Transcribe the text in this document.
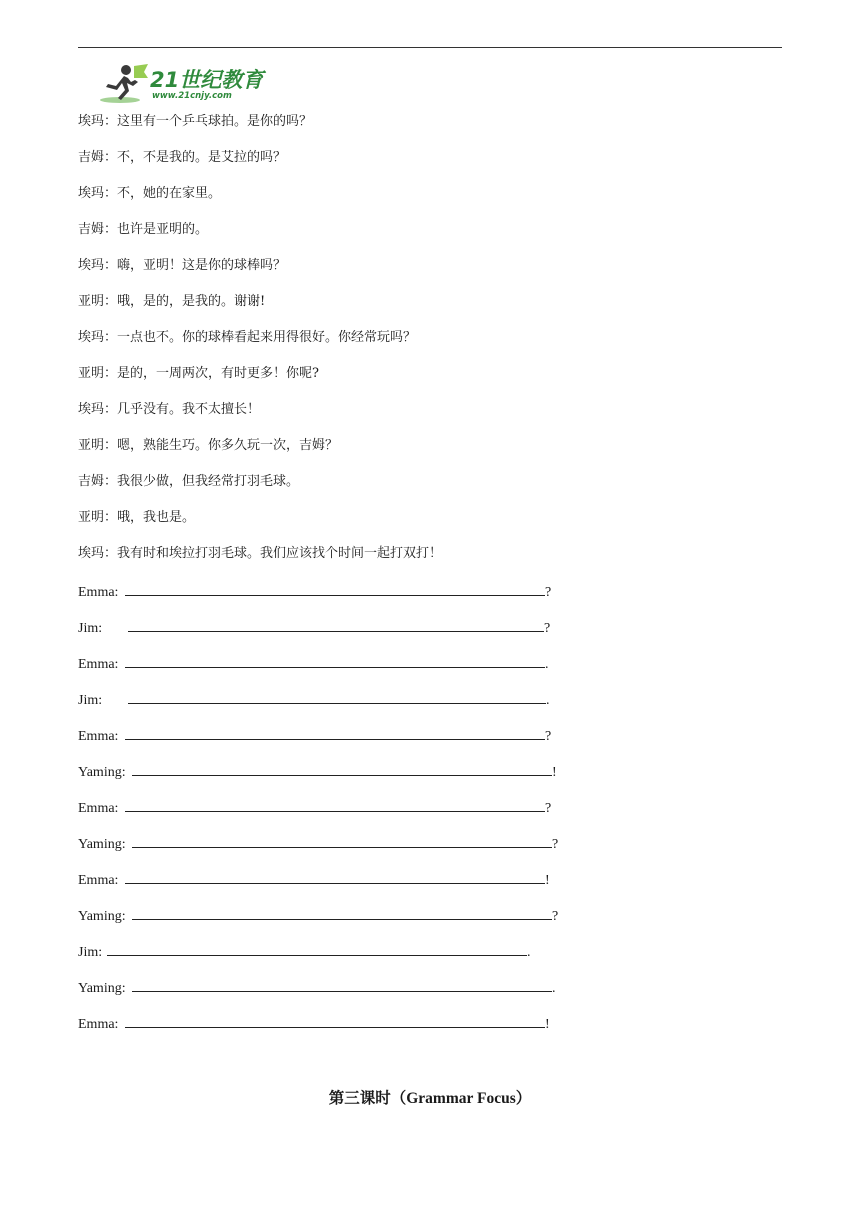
21世纪教育
www.21cnjy.com
埃玛：这里有一个乒乓球拍。是你的吗？
吉姆：不，不是我的。是艾拉的吗？
埃玛：不，她的在家里。
吉姆：也许是亚明的。
埃玛：嗨，亚明！这是你的球棒吗？
亚明：哦，是的，是我的。谢谢!
埃玛：一点也不。你的球棒看起来用得很好。你经常玩吗？
亚明：是的，一周两次，有时更多！你呢?
埃玛：几乎没有。我不太擅长！
亚明：嗯，熟能生巧。你多久玩一次，吉姆？
吉姆：我很少做，但我经常打羽毛球。
亚明：哦，我也是。
埃玛：我有时和埃拉打羽毛球。我们应该找个时间一起打双打！
Emma:	?
Jim:	?
Emma:	.
Jim:	.
Emma:	?
Yaming:	!
Emma:	?
Yaming:	?
Emma:	!
Yaming:	?
Jim:	.
Yaming:	.
Emma:	!
第三课时（Grammar Focus）
